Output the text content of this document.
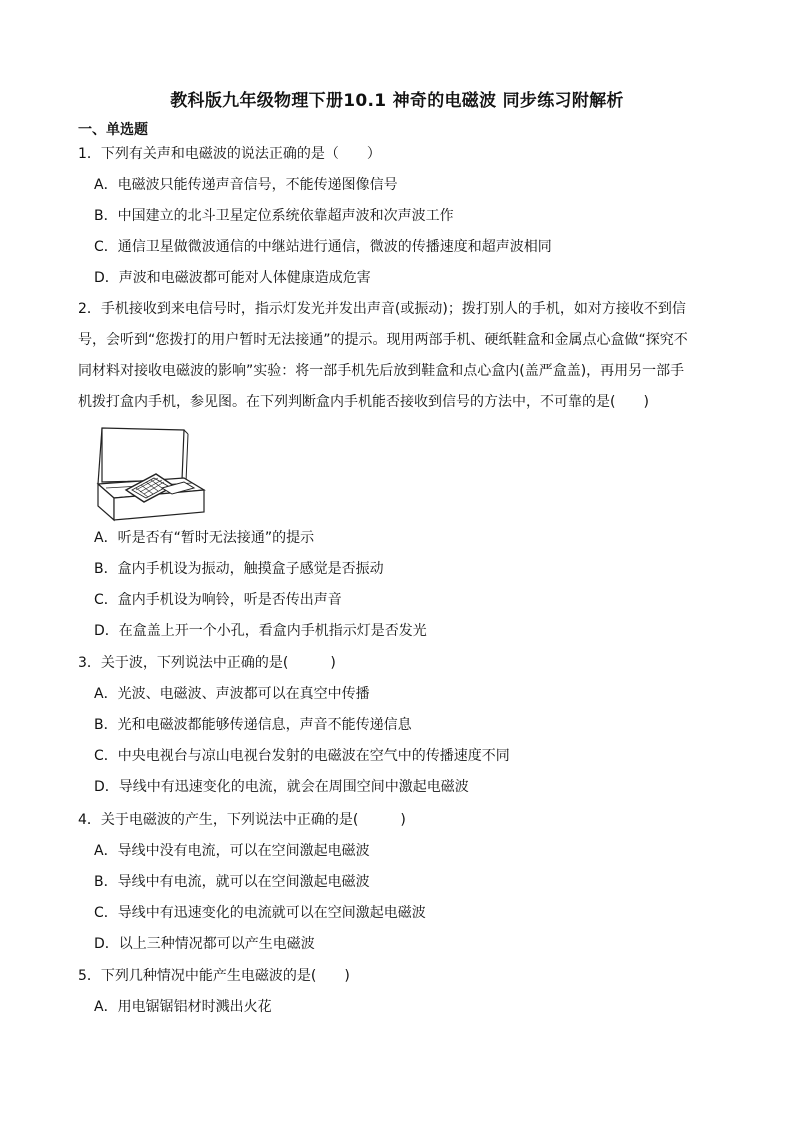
教科版九年级物理下册10.1 神奇的电磁波 同步练习附解析
一、单选题
1．下列有关声和电磁波的说法正确的是（　　）
A．电磁波只能传递声音信号，不能传递图像信号
B．中国建立的北斗卫星定位系统依靠超声波和次声波工作
C．通信卫星做微波通信的中继站进行通信，微波的传播速度和超声波相同
D．声波和电磁波都可能对人体健康造成危害
2．手机接收到来电信号时，指示灯发光并发出声音(或振动)；拨打别人的手机，如对方接收不到信
号，会听到“您拨打的用户暂时无法接通”的提示。现用两部手机、硬纸鞋盒和金属点心盒做“探究不
同材料对接收电磁波的影响”实验：将一部手机先后放到鞋盒和点心盒内(盖严盒盖)，再用另一部手
机拨打盒内手机，参见图。在下列判断盒内手机能否接收到信号的方法中，不可靠的是(　　)
A．听是否有“暂时无法接通”的提示
B．盒内手机设为振动，触摸盒子感觉是否振动
C．盒内手机设为响铃，听是否传出声音
D．在盒盖上开一个小孔，看盒内手机指示灯是否发光
3．关于波，下列说法中正确的是(　　　)
A．光波、电磁波、声波都可以在真空中传播
B．光和电磁波都能够传递信息，声音不能传递信息
C．中央电视台与凉山电视台发射的电磁波在空气中的传播速度不同
D．导线中有迅速变化的电流，就会在周围空间中激起电磁波
4．关于电磁波的产生，下列说法中正确的是(　　　)
A．导线中没有电流，可以在空间激起电磁波
B．导线中有电流，就可以在空间激起电磁波
C．导线中有迅速变化的电流就可以在空间激起电磁波
D．以上三种情况都可以产生电磁波
5．下列几种情况中能产生电磁波的是(　　)
A．用电锯锯铝材时溅出火花
